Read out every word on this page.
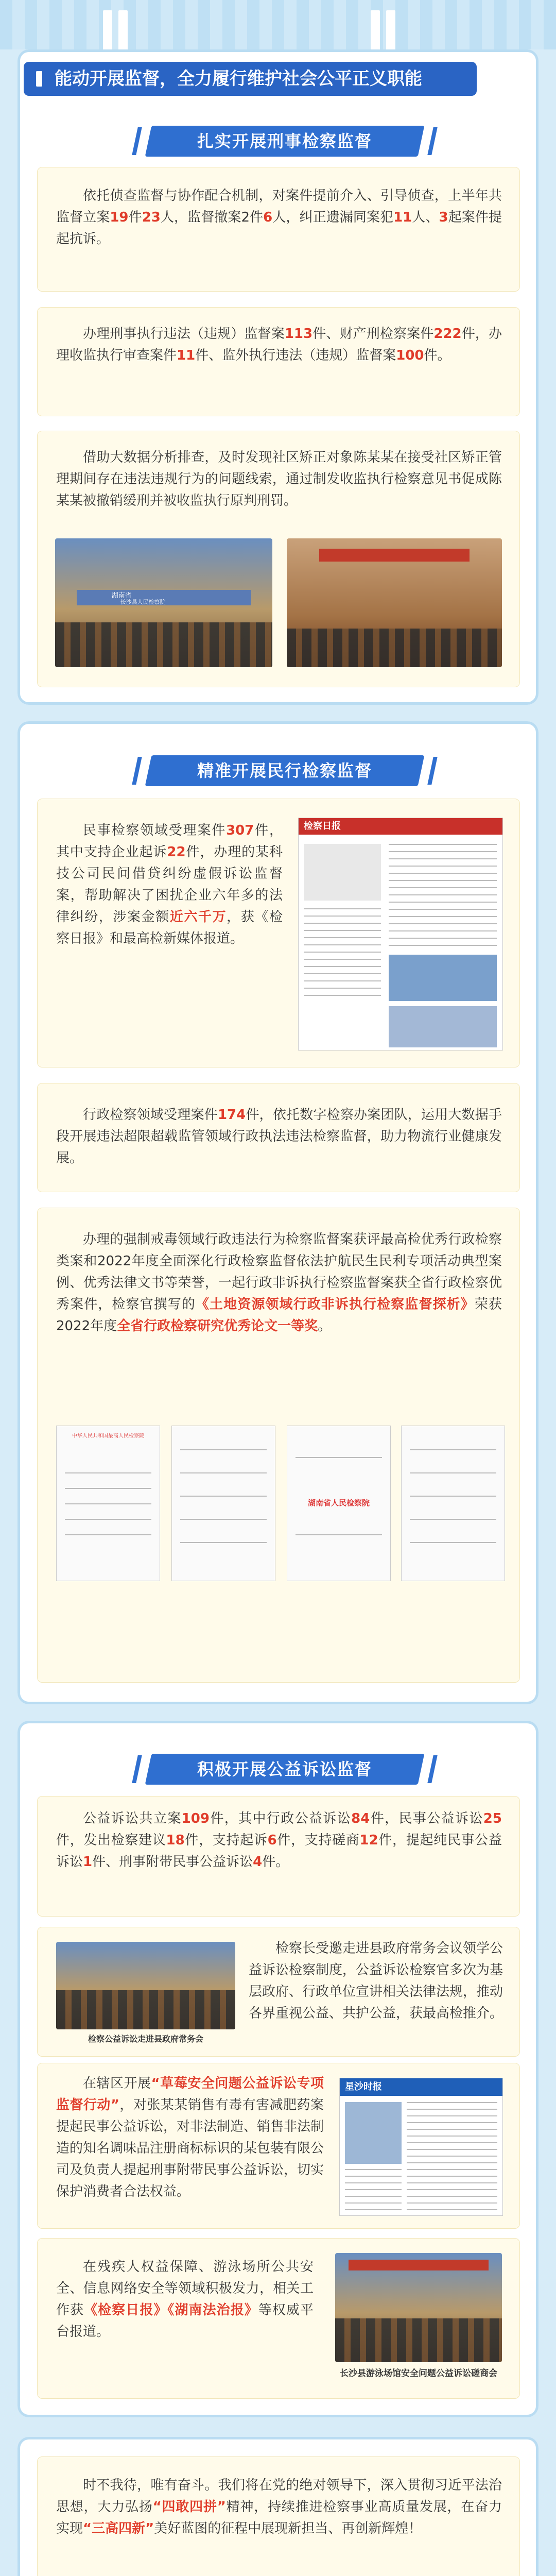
能动开展监督，全力履行维护社会公平正义职能
扎实开展刑事检察监督
依托侦查监督与协作配合机制，对案件提前介入、引导侦查，上半年共监督立案19件23人，监督撤案2件6人，纠正遗漏同案犯11人、3起案件提起抗诉。
办理刑事执行违法（违规）监督案113件、财产刑检察案件222件，办理收监执行审查案件11件、监外执行违法（违规）监督案100件。
借助大数据分析排查，及时发现社区矫正对象陈某某在接受社区矫正管理期间存在违法违规行为的问题线索，通过制发收监执行检察意见书促成陈某某被撤销缓刑并被收监执行原判刑罚。
湖南省
长沙县人民检察院
精准开展民行检察监督
民事检察领域受理案件307件，其中支持企业起诉22件，办理的某科技公司民间借贷纠纷虚假诉讼监督案，帮助解决了困扰企业六年多的法律纠纷，涉案金额近六千万，获《检察日报》和最高检新媒体报道。
检察日报
行政检察领域受理案件174件，依托数字检察办案团队，运用大数据手段开展违法超限超载监管领域行政执法违法检察监督，助力物流行业健康发展。
办理的强制戒毒领域行政违法行为检察监督案获评最高检优秀行政检察类案和2022年度全面深化行政检察监督依法护航民生民利专项活动典型案例、优秀法律文书等荣誉，一起行政非诉执行检察监督案获全省行政检察优秀案件，检察官撰写的《土地资源领域行政非诉执行检察监督探析》荣获2022年度全省行政检察研究优秀论文一等奖。
中华人民共和国最高人民检察院
湖南省人民检察院
积极开展公益诉讼监督
公益诉讼共立案109件，其中行政公益诉讼84件，民事公益诉讼25件，发出检察建议18件，支持起诉6件，支持磋商12件，提起纯民事公益诉讼1件、刑事附带民事公益诉讼4件。
检察公益诉讼走进县政府常务会
检察长受邀走进县政府常务会议领学公益诉讼检察制度，公益诉讼检察官多次为基层政府、行政单位宣讲相关法律法规，推动各界重视公益、共护公益，获最高检推介。
在辖区开展“草莓安全问题公益诉讼专项监督行动”，对张某某销售有毒有害减肥药案提起民事公益诉讼，对非法制造、销售非法制造的知名调味品注册商标标识的某包装有限公司及负责人提起刑事附带民事公益诉讼，切实保护消费者合法权益。
星沙时报
在残疾人权益保障、游泳场所公共安全、信息网络安全等领域积极发力，相关工作获《检察日报》《湖南法治报》等权威平台报道。
长沙县游泳场馆安全问题公益诉讼磋商会
时不我待，唯有奋斗。我们将在党的绝对领导下，深入贯彻习近平法治思想，大力弘扬“四敢四拼”精神，持续推进检察事业高质量发展，在奋力实现“三高四新”美好蓝图的征程中展现新担当、再创新辉煌！
